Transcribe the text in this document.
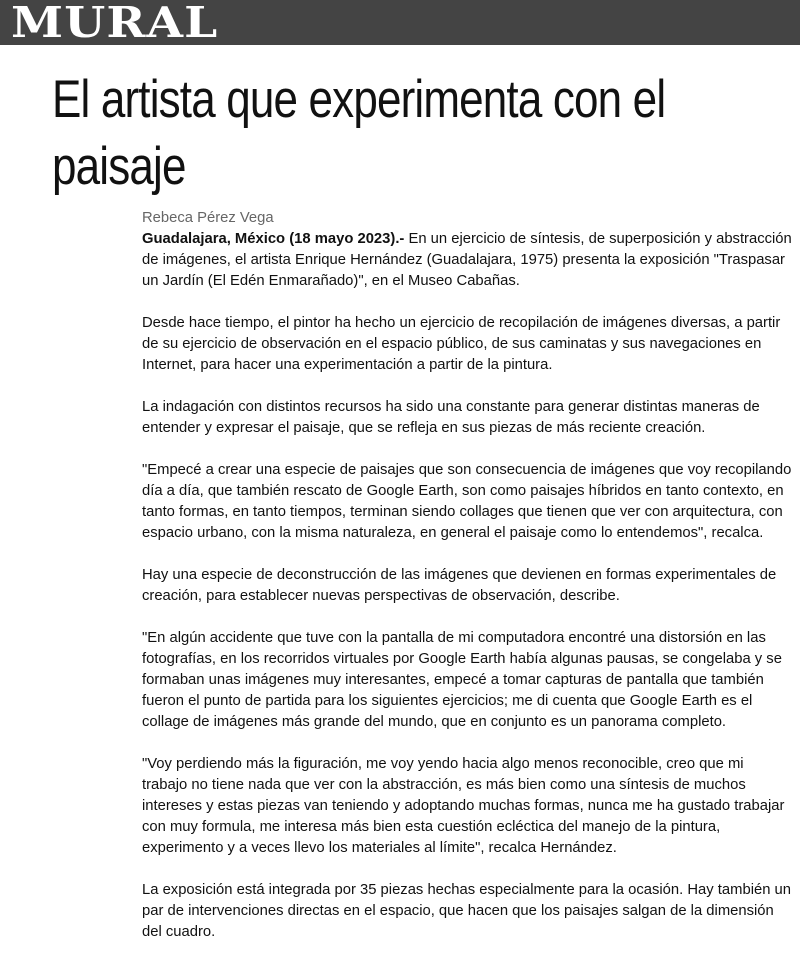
MURAL
El artista que experimenta con el
paisaje
Rebeca Pérez Vega

Guadalajara, México (18 mayo 2023).- En un ejercicio de síntesis, de superposición y abstracción de imágenes, el artista Enrique Hernández (Guadalajara, 1975) presenta la exposición "Traspasar un Jardín (El Edén Enmarañado)", en el Museo Cabañas.

Desde hace tiempo, el pintor ha hecho un ejercicio de recopilación de imágenes diversas, a partir de su ejercicio de observación en el espacio público, de sus caminatas y sus navegaciones en Internet, para hacer una experimentación a partir de la pintura.

La indagación con distintos recursos ha sido una constante para generar distintas maneras de entender y expresar el paisaje, que se refleja en sus piezas de más reciente creación.

"Empecé a crear una especie de paisajes que son consecuencia de imágenes que voy recopilando día a día, que también rescato de Google Earth, son como paisajes híbridos en tanto contexto, en tanto formas, en tanto tiempos, terminan siendo collages que tienen que ver con arquitectura, con espacio urbano, con la misma naturaleza, en general el paisaje como lo entendemos", recalca.

Hay una especie de deconstrucción de las imágenes que devienen en formas experimentales de creación, para establecer nuevas perspectivas de observación, describe.

"En algún accidente que tuve con la pantalla de mi computadora encontré una distorsión en las fotografías, en los recorridos virtuales por Google Earth había algunas pausas, se congelaba y se formaban unas imágenes muy interesantes, empecé a tomar capturas de pantalla que también fueron el punto de partida para los siguientes ejercicios; me di cuenta que Google Earth es el collage de imágenes más grande del mundo, que en conjunto es un panorama completo.

"Voy perdiendo más la figuración, me voy yendo hacia algo menos reconocible, creo que mi trabajo no tiene nada que ver con la abstracción, es más bien como una síntesis de muchos intereses y estas piezas van teniendo y adoptando muchas formas, nunca me ha gustado trabajar con muy formula, me interesa más bien esta cuestión ecléctica del manejo de la pintura, experimento y a veces llevo los materiales al límite", recalca Hernández.

La exposición está integrada por 35 piezas hechas especialmente para la ocasión. Hay también un par de intervenciones directas en el espacio, que hacen que los paisajes salgan de la dimensión del cuadro.
